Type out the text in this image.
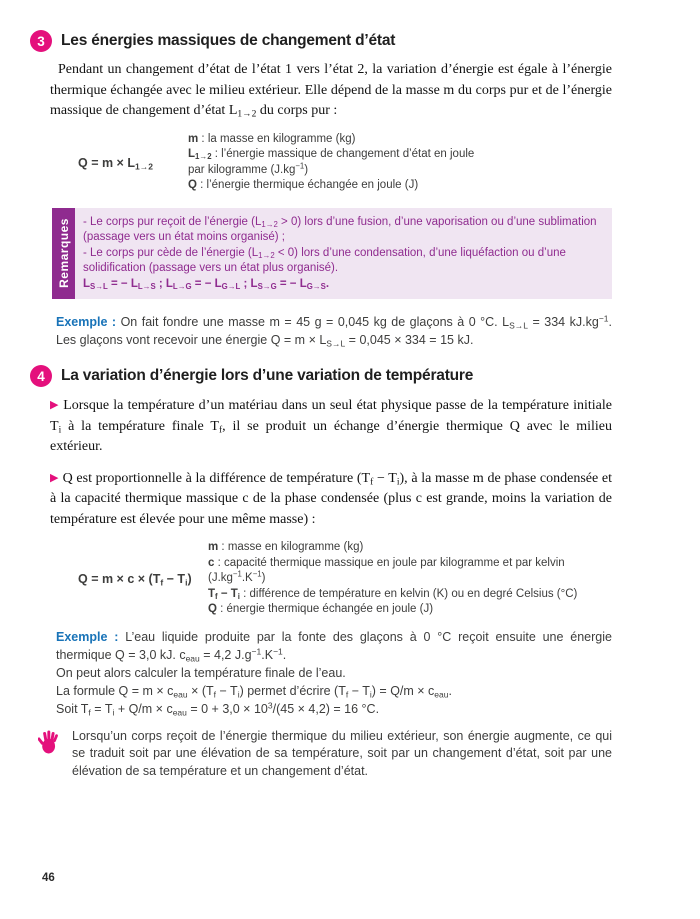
3	Les énergies massiques de changement d’état

Pendant un changement d’état de l’état 1 vers l’état 2, la variation d’énergie est égale à l’énergie thermique échangée avec le milieu extérieur. Elle dépend de la masse m du corps pur et de l’énergie massique de changement d’état $L_{1\to 2}$ du corps pur :

$Q = m \times L_{1\to 2}$
m : la masse en kilogramme (kg)
$L_{1\to 2}$ : l’énergie massique de changement d’état en joule
par kilogramme $(J.kg^{-1})$
Q : l’énergie thermique échangée en joule (J)
Remarques - Le corps pur reçoit de l’énergie $(L_{1\to 2} > 0)$ lors d’une fusion, d’une vaporisation ou d’une sublimation (passage vers un état moins organisé) ;
- Le corps pur cède de l’énergie $(L_{1\to 2} < 0)$ lors d’une condensation, d’une liquéfaction ou d’une solidification (passage vers un état plus organisé).
$L_{S\to L}$ = − $L_{L\to S}$ ; $L_{L\to G}$ = − $L_{G\to L}$ ; $L_{S\to G}$ = − $L_{G\to S}$.

Exemple : On fait fondre une masse m = 45 g = 0,045 kg de glaçons à 0 °C. $L_{S\to L} = 334$ $kJ.kg^{-1}$. Les glaçons vont recevoir une énergie $Q = m \times L_{S\to L} = 0,045 \times 334 = 15$ kJ.

4	La variation d’énergie lors d’une variation de température

▶ Lorsque la température d’un matériau dans un seul état physique passe de la température initiale $T_i$ à la température finale $T_f$, il se produit un échange d’énergie thermique Q avec le milieu extérieur.

▶ Q est proportionnelle à la différence de température $(T_f - T_i)$, à la masse m de phase condensée et à la capacité thermique massique c de la phase condensée (plus c est grande, moins la variation de température est élevée pour une même masse) :

$Q = m \times c \times (T_f - T_i)$
m : masse en kilogramme (kg)
c : capacité thermique massique en joule par kilogramme et par kelvin
$(J.kg^{-1}.K^{-1})$
$T_f - T_i$ : différence de température en kelvin (K) ou en degré Celsius (°C)
Q : énergie thermique échangée en joule (J)

Exemple : L’eau liquide produite par la fonte des glaçons à 0 °C reçoit ensuite une énergie thermique Q = 3,0 kJ. $c_{eau} = 4,2$ $J.g^{-1}.K^{-1}$.

On peut alors calculer la température finale de l’eau.
La formule $Q = m \times c_{eau} \times (T_f - T_i)$ permet d’écrire $(T_f - T_i) = Q/m \times c_{eau}$.
Soit $T_f = T_i + Q/m \times c_{eau} = 0 + 3,0 \times 10^3/(45 \times 4,2) = 16$ °C.
Lorsqu’un corps reçoit de l’énergie thermique du milieu extérieur, son énergie augmente, ce qui se traduit soit par une élévation de sa température, soit par un changement d’état, soit par une élévation de sa température et un changement d’état.
46
